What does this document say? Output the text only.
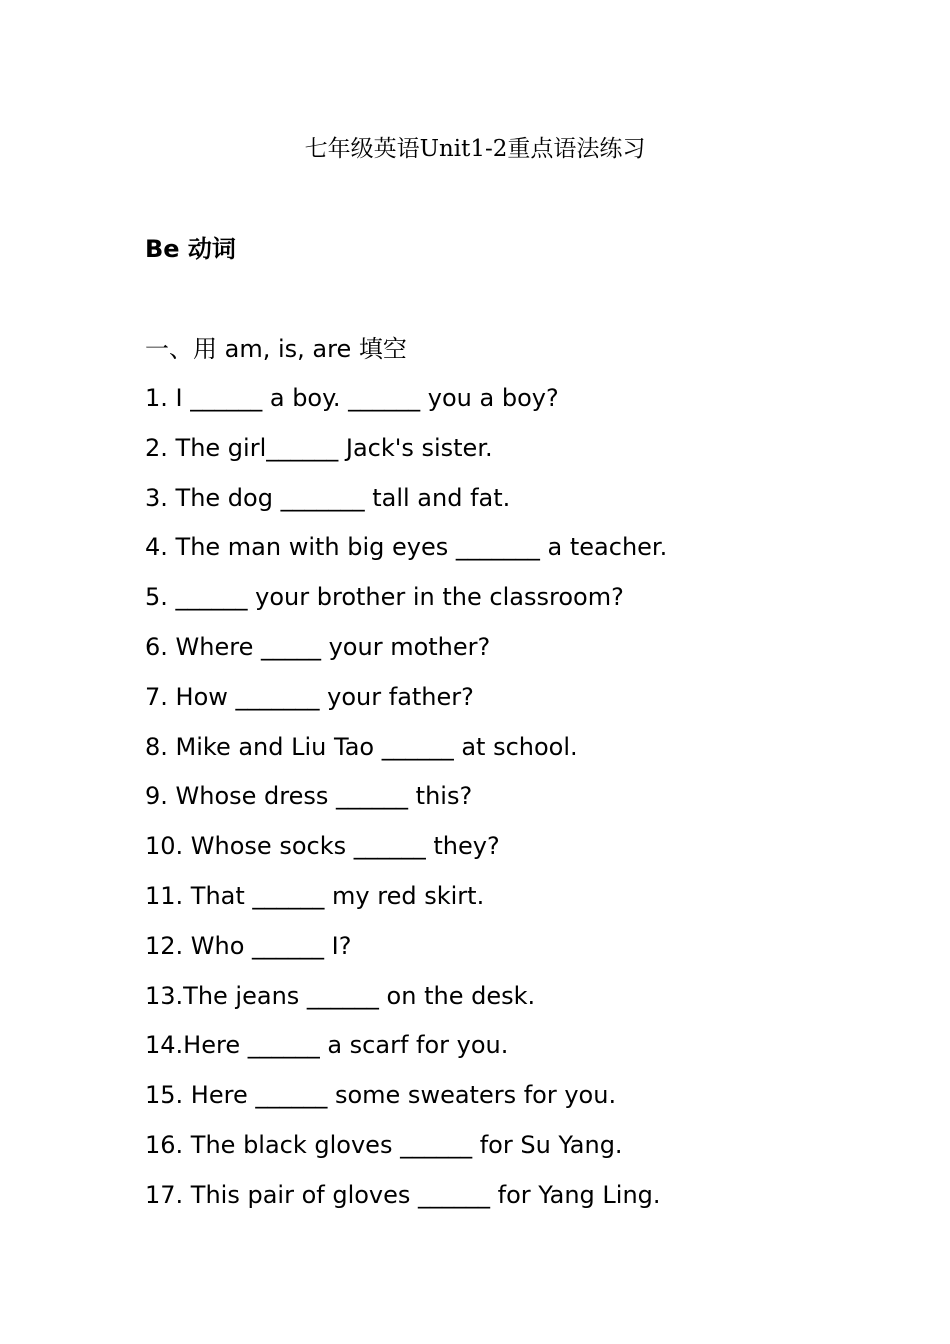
七年级英语Unit1-2重点语法练习
Be 动词

一、用 am, is, are 填空

1. I ______ a boy. ______ you a boy?
2. The girl______ Jack's sister.
3. The dog _______ tall and fat.
4. The man with big eyes _______ a teacher.
5. ______ your brother in the classroom?
6. Where _____ your mother?
7. How _______ your father?
8. Mike and Liu Tao ______ at school.
9. Whose dress ______ this?
10. Whose socks ______ they?
11. That ______ my red skirt.
12. Who ______ I?
13.The jeans ______ on the desk.
14.Here ______ a scarf for you.
15. Here ______ some sweaters for you.
16. The black gloves ______ for Su Yang.
17. This pair of gloves ______ for Yang Ling.
